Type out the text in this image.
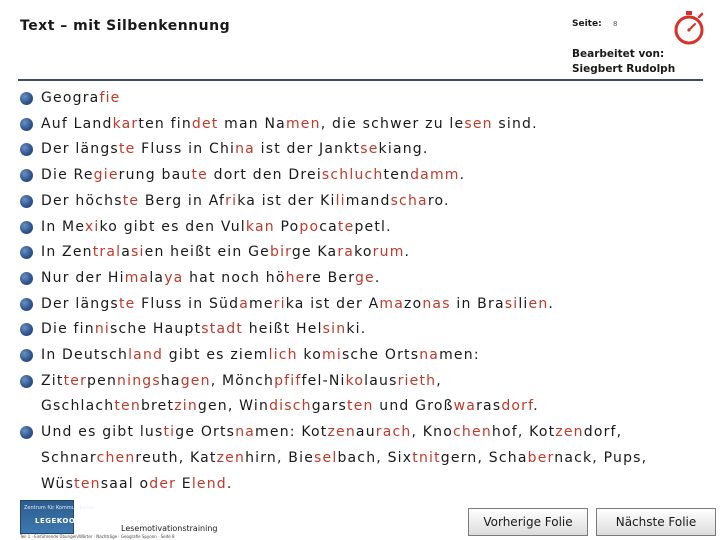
Text – mit Silbenkennung	Seite: 8
Bearbeitet von:
Siegbert Rudolph
Geografie
Auf Landkarten findet man Namen, die schwer zu lesen sind.
Der längste Fluss in China ist der Janktsekiang.
Die Regierung baute dort den Dreischluchtendamm.
Der höchste Berg in Afrika ist der Kilimandscharo.
In Mexiko gibt es den Vulkan Popocatepetl.
In Zentralasien heißt ein Gebirge Karakorum.
Nur der Himalaya hat noch höhere Berge.
Der längste Fluss in Südamerika ist der Amazonas in Brasilien.
Die finnische Hauptstadt heißt Helsinki.
In Deutschland gibt es ziemlich komische Ortsnamen:
Zitterpenningshagen, Mönchpfiffel-Nikolausrieth,
Gschlachtenbretzingen, Windischgarsten und Großwarasdorf.
Und es gibt lustige Ortsnamen: Kotzenaurach, Knochenhof, Kotzendorf,
Schnarchenreuth, Katzenhirn, Bieselbach, Sixtnitgern, Schabernack, Pups,
Wüstensaal oder Elend.
Zentrum für Kommunikation
LEGEKOOL
Lesemotivationstraining
Teil 1 · Einführende Übungen/Wörter · Nachträge · Geografie Spyonn · Seite 8
Vorherige Folie	Nächste Folie
